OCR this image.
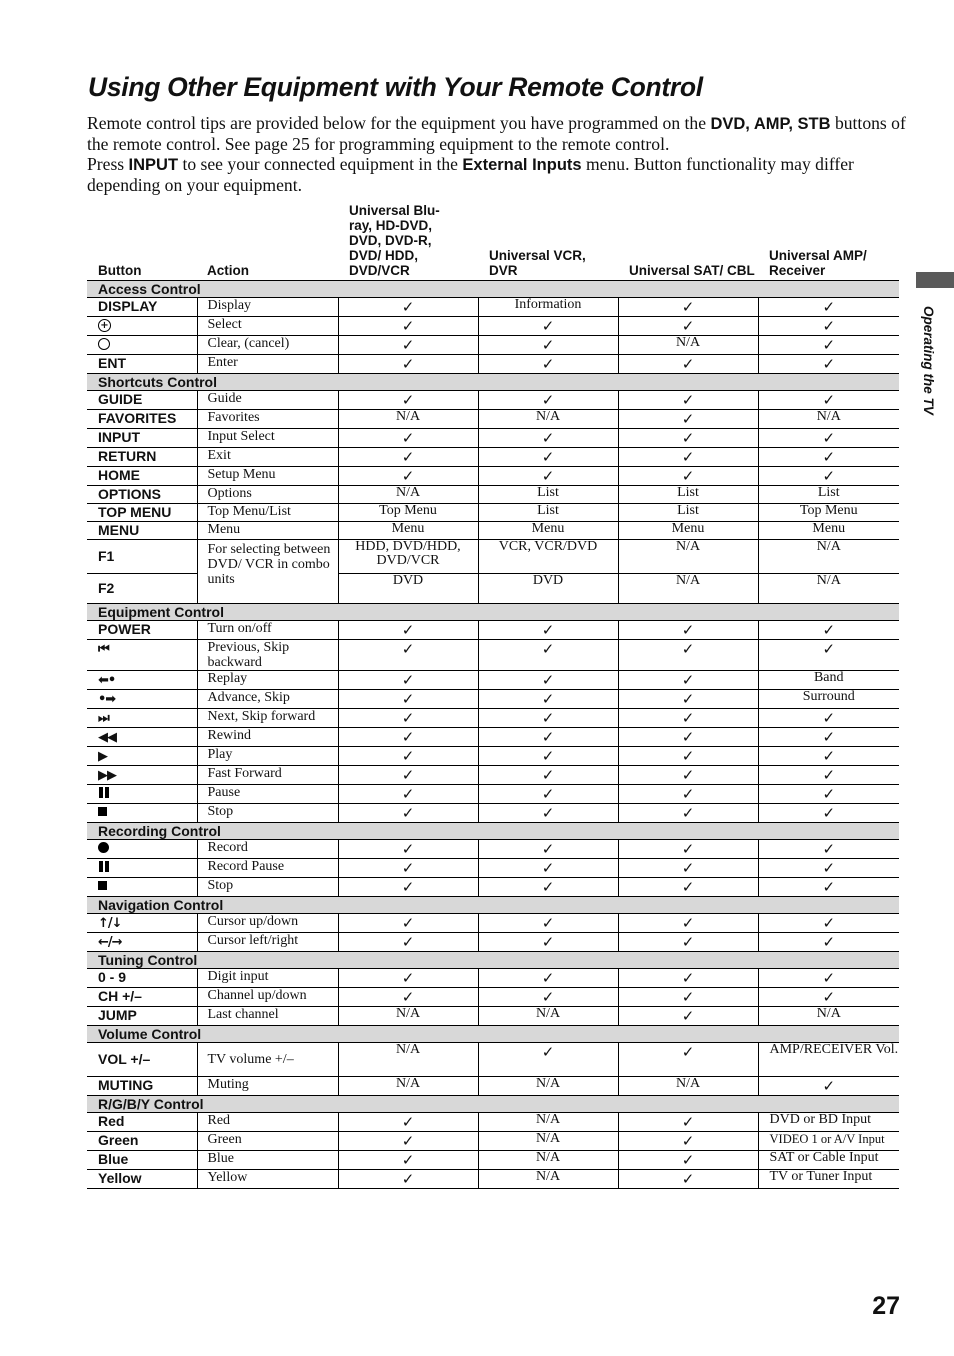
Using Other Equipment with Your Remote Control

Remote control tips are provided below for the equipment you have programmed on the DVD, AMP, STB buttons of the remote control. See page 25 for programming equipment to the remote control.

Press INPUT to see your connected equipment in the External Inputs menu. Button functionality may differ depending on your equipment.

Operating the TV
Button	Action	Universal Blu-ray, HD-DVD, DVD, DVD-R, DVD/ HDD, DVD/VCR	Universal VCR, DVR	Universal SAT/ CBL	Universal AMP/ Receiver
Access Control					
DISPLAY	Display	✓	Information	✓	✓
+	Select	✓	✓	✓	✓
	Clear, (cancel)	✓	✓	N/A	✓
ENT	Enter	✓	✓	✓	✓
Shortcuts Control					
GUIDE	Guide	✓	✓	✓	✓
FAVORITES	Favorites	N/A	N/A	✓	N/A
INPUT	Input Select	✓	✓	✓	✓
RETURN	Exit	✓	✓	✓	✓
HOME	Setup Menu	✓	✓	✓	✓
OPTIONS	Options	N/A	List	List	List
TOP MENU	Top Menu/List	Top Menu	List	List	Top Menu
MENU	Menu	Menu	Menu	Menu	Menu
F1	For selecting between DVD/ VCR in combo units	HDD, DVD/HDD, DVD/VCR	VCR, VCR/DVD	N/A	N/A
F2		DVD	DVD	N/A	N/A
Equipment Control					
POWER	Turn on/off	✓	✓	✓	✓
⏮	Previous, Skip backward	✓	✓	✓	✓
⬅•	Replay	✓	✓	✓	Band
•➡	Advance, Skip	✓	✓	✓	Surround
⏭	Next, Skip forward	✓	✓	✓	✓
◀◀	Rewind	✓	✓	✓	✓
▶	Play	✓	✓	✓	✓
▶▶	Fast Forward	✓	✓	✓	✓
	Pause	✓	✓	✓	✓
	Stop	✓	✓	✓	✓
Recording Control					
	Record	✓	✓	✓	✓
	Record Pause	✓	✓	✓	✓
	Stop	✓	✓	✓	✓
Navigation Control					
↑/↓	Cursor up/down	✓	✓	✓	✓
←/→	Cursor left/right	✓	✓	✓	✓
Tuning Control					
0 - 9	Digit input	✓	✓	✓	✓
CH +/–	Channel up/down	✓	✓	✓	✓
JUMP	Last channel	N/A	N/A	✓	N/A
Volume Control					
VOL +/–	TV volume +/–	N/A	✓	✓	AMP/RECEIVER Vol.
MUTING	Muting	N/A	N/A	N/A	✓
R/G/B/Y Control					
Red	Red	✓	N/A	✓	DVD or BD Input
Green	Green	✓	N/A	✓	VIDEO 1 or A/V Input
Blue	Blue	✓	N/A	✓	SAT or Cable Input
Yellow	Yellow	✓	N/A	✓	TV or Tuner Input
27
